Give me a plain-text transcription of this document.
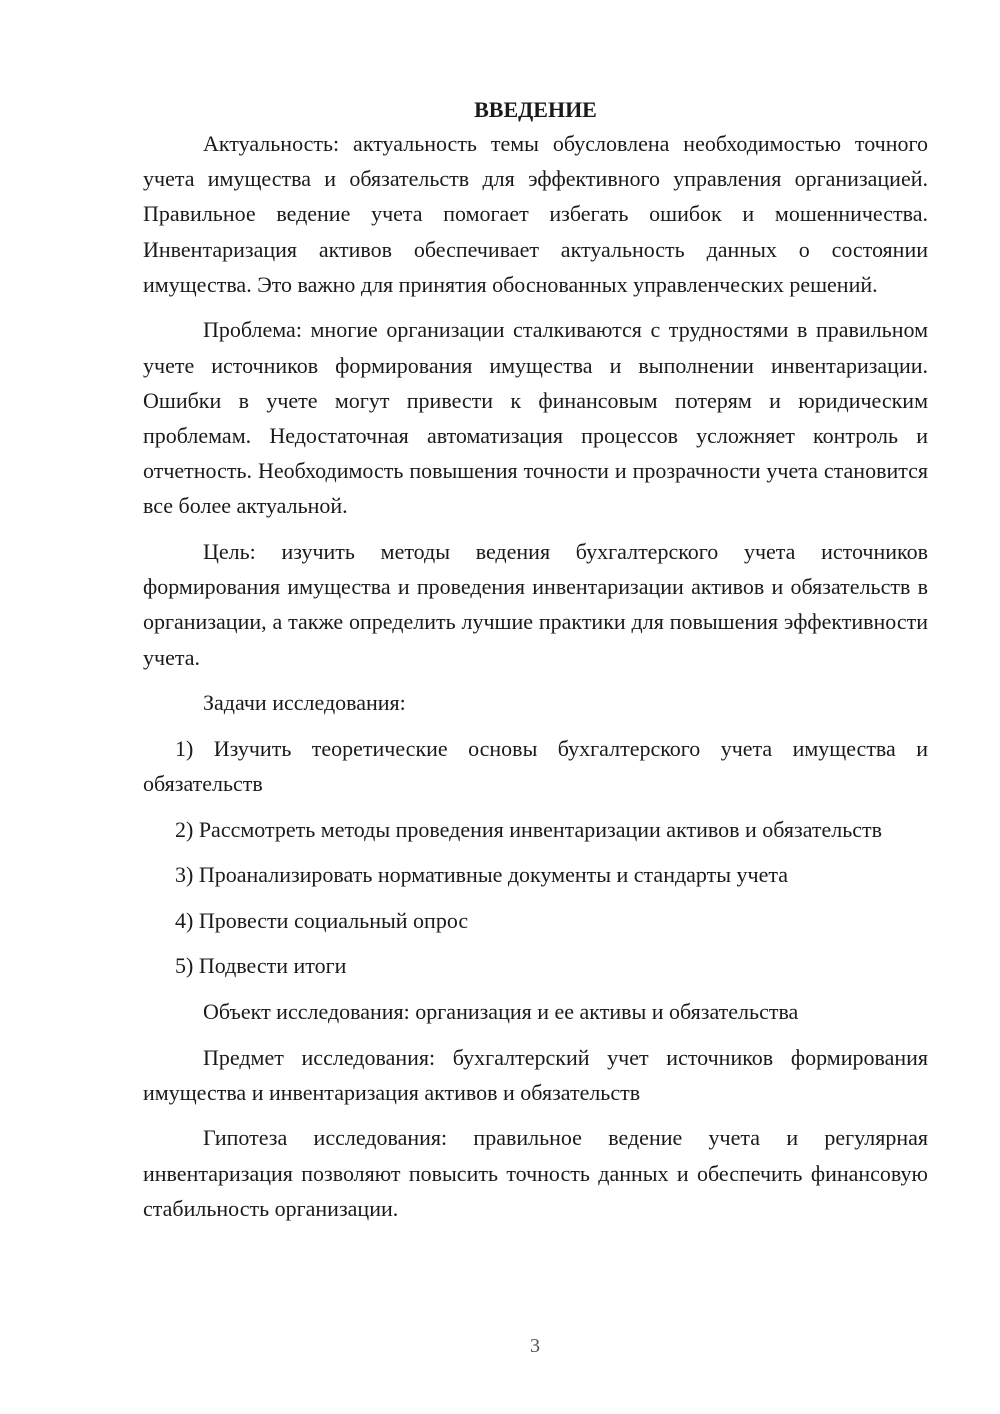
ВВЕДЕНИЕ

Актуальность: актуальность темы обусловлена необходимостью точного учета имущества и обязательств для эффективного управления организацией. Правильное ведение учета помогает избегать ошибок и мошенничества. Инвентаризация активов обеспечивает актуальность данных о состоянии имущества. Это важно для принятия обоснованных управленческих решений.

Проблема: многие организации сталкиваются с трудностями в правильном учете источников формирования имущества и выполнении инвентаризации. Ошибки в учете могут привести к финансовым потерям и юридическим проблемам. Недостаточная автоматизация процессов усложняет контроль и отчетность. Необходимость повышения точности и прозрачности учета становится все более актуальной.

Цель: изучить методы ведения бухгалтерского учета источников формирования имущества и проведения инвентаризации активов и обязательств в организации, а также определить лучшие практики для повышения эффективности учета.

Задачи исследования:

1) Изучить теоретические основы бухгалтерского учета имущества и обязательств

2) Рассмотреть методы проведения инвентаризации активов и обязательств

3) Проанализировать нормативные документы и стандарты учета

4) Провести социальный опрос

5) Подвести итоги

Объект исследования: организация и ее активы и обязательства

Предмет исследования: бухгалтерский учет источников формирования имущества и инвентаризация активов и обязательств

Гипотеза исследования: правильное ведение учета и регулярная инвентаризация позволяют повысить точность данных и обеспечить финансовую стабильность организации.

3
